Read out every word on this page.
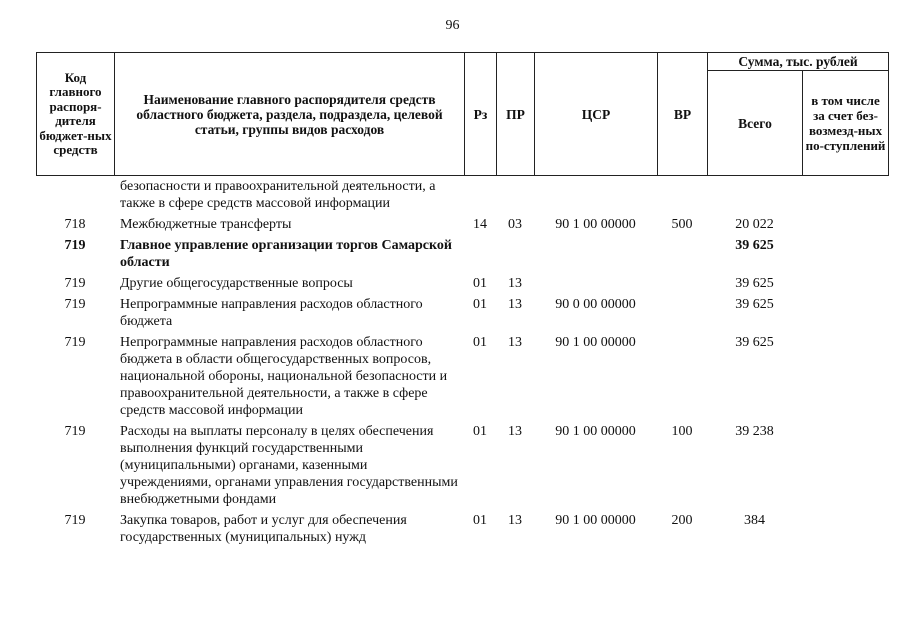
96
Код главного распоря-дителя бюджет-ных средств	Наименование главного распорядителя средств областного бюджета, раздела, подраздела, целевой статьи, группы видов расходов	Рз	ПР	ЦСР	ВР	Сумма, тыс. рублей	
						Всего	в том числе за счет без-возмезд-ных по-ступлений
	безопасности и правоохранительной деятельности, а также в сфере средств массовой информации						
718	Межбюджетные трансферты	14	03	90 1 00 00000	500	20 022	
719	Главное управление организации торгов Самарской области					39 625	
719	Другие общегосударственные вопросы	01	13			39 625	
719	Непрограммные направления расходов областного бюджета	01	13	90 0 00 00000		39 625	
719	Непрограммные направления расходов областного бюджета в области общегосударственных вопросов, национальной обороны, национальной безопасности и правоохранительной деятельности, а также в сфере средств массовой информации	01	13	90 1 00 00000		39 625	
719	Расходы на выплаты персоналу в целях обеспечения выполнения функций государственными (муниципальными) органами, казенными учреждениями, органами управления государственными внебюджетными фондами	01	13	90 1 00 00000	100	39 238	
719	Закупка товаров, работ и услуг для обеспечения государственных (муниципальных) нужд	01	13	90 1 00 00000	200	384	
